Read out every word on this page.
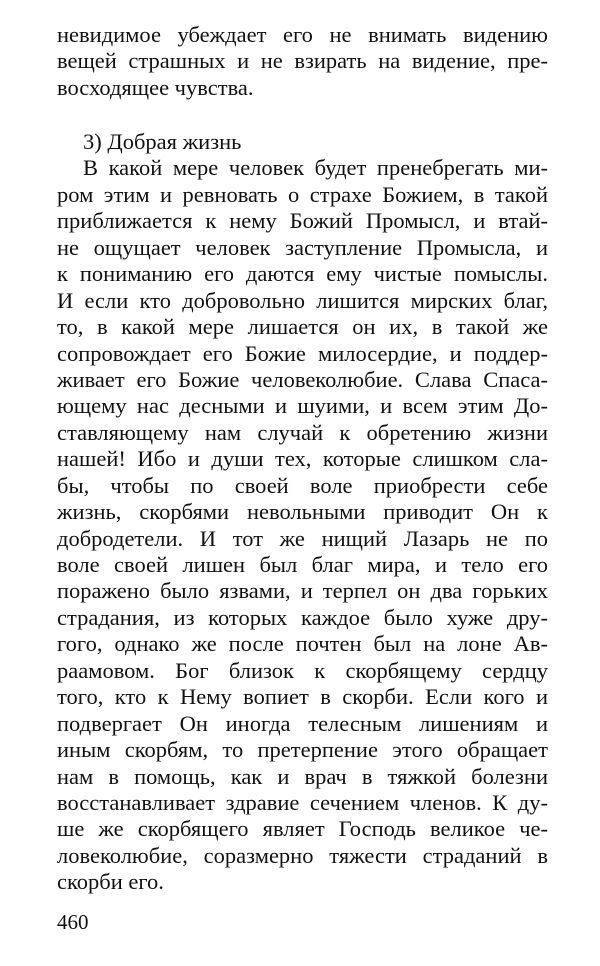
невидимое убеждает его не внимать видению
вещей страшных и не взирать на видение, пре-
восходящее чувства.
3) Добрая жизнь
В какой мере человек будет пренебрегать ми-
ром этим и ревновать о страхе Божием, в такой
приближается к нему Божий Промысл, и втай-
не ощущает человек заступление Промысла, и
к пониманию его даются ему чистые помыслы.
И если кто добровольно лишится мирских благ,
то, в какой мере лишается он их, в такой же
сопровождает его Божие милосердие, и поддер-
живает его Божие человеколюбие. Слава Спаса-
ющему нас десными и шуими, и всем этим До-
ставляющему нам случай к обретению жизни
нашей! Ибо и души тех, которые слишком сла-
бы, чтобы по своей воле приобрести себе
жизнь, скорбями невольными приводит Он к
добродетели. И тот же нищий Лазарь не по
воле своей лишен был благ мира, и тело его
поражено было язвами, и терпел он два горьких
страдания, из которых каждое было хуже дру-
гого, однако же после почтен был на лоне Ав-
раамовом. Бог близок к скорбящему сердцу
того, кто к Нему вопиет в скорби. Если кого и
подвергает Он иногда телесным лишениям и
иным скорбям, то претерпение этого обращает
нам в помощь, как и врач в тяжкой болезни
восстанавливает здравие сечением членов. К ду-
ше же скорбящего являет Господь великое че-
ловеколюбие, соразмерно тяжести страданий в
скорби его.
460
